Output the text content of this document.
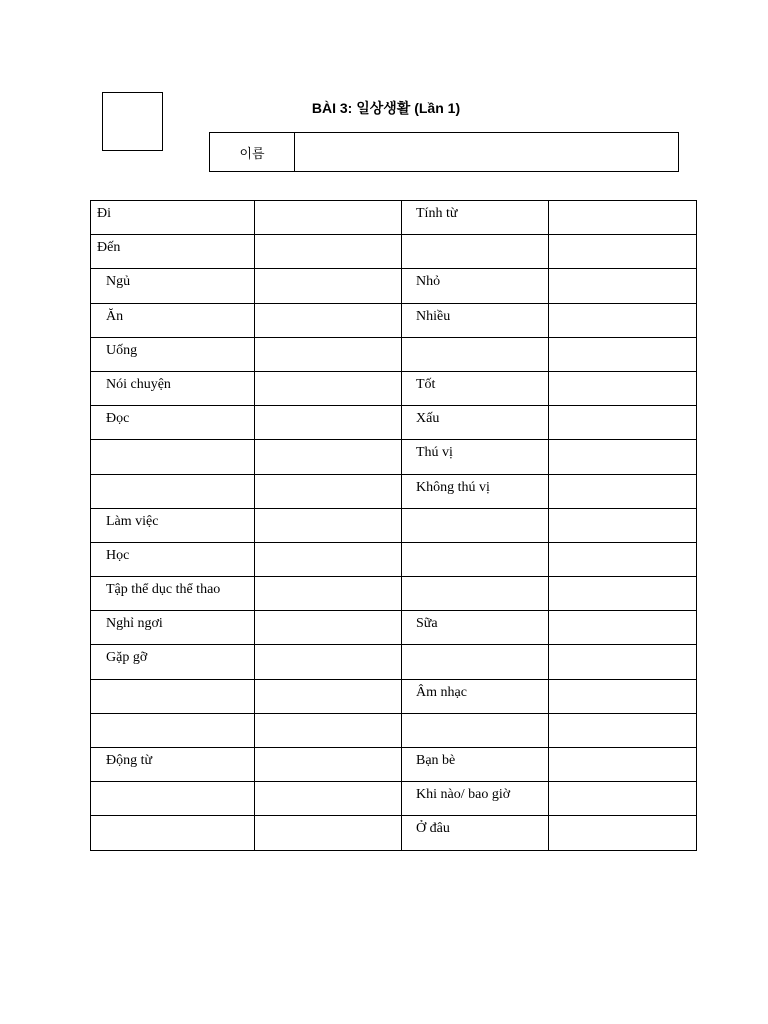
BÀI 3: 일상생활 (Lần 1)
이름	
Đi		Tính từ	

Đến			

Ngủ		Nhỏ	

Ăn		Nhiều	

Uống			

Nói chuyện		Tốt	

Đọc		Xấu	

		Thú vị	

		Không thú vị	

Làm việc			

Học			

Tập thể dục thể thao			

Nghỉ ngơi		Sữa	

Gặp gỡ			

		Âm nhạc	

Động từ		Bạn bè	

		Khi nào/ bao giờ	

		Ở đâu	
